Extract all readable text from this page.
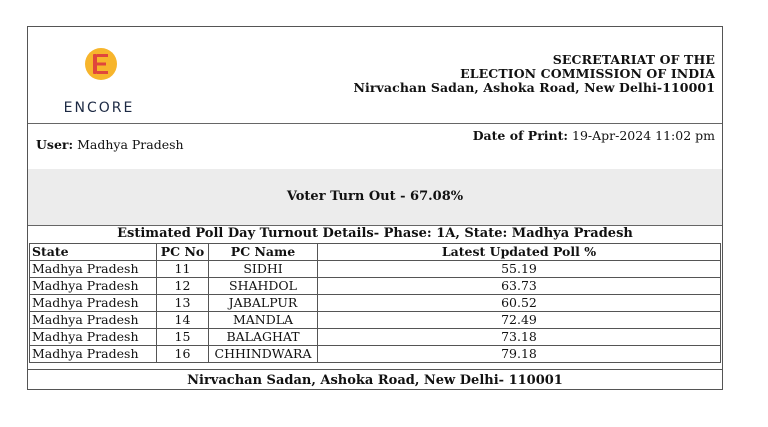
ENCORE
SECRETARIAT OF THE
ELECTION COMMISSION OF INDIA
Nirvachan Sadan, Ashoka Road, New Delhi-110001
User: Madhya Pradesh
Date of Print: 19-Apr-2024 11:02 pm
Voter Turn Out - 67.08%
Estimated Poll Day Turnout Details- Phase: 1A, State: Madhya Pradesh
State	PC No	PC Name	Latest Updated Poll %
Madhya Pradesh	11	SIDHI	55.19
Madhya Pradesh	12	SHAHDOL	63.73
Madhya Pradesh	13	JABALPUR	60.52
Madhya Pradesh	14	MANDLA	72.49
Madhya Pradesh	15	BALAGHAT	73.18
Madhya Pradesh	16	CHHINDWARA	79.18
Nirvachan Sadan, Ashoka Road, New Delhi- 110001
